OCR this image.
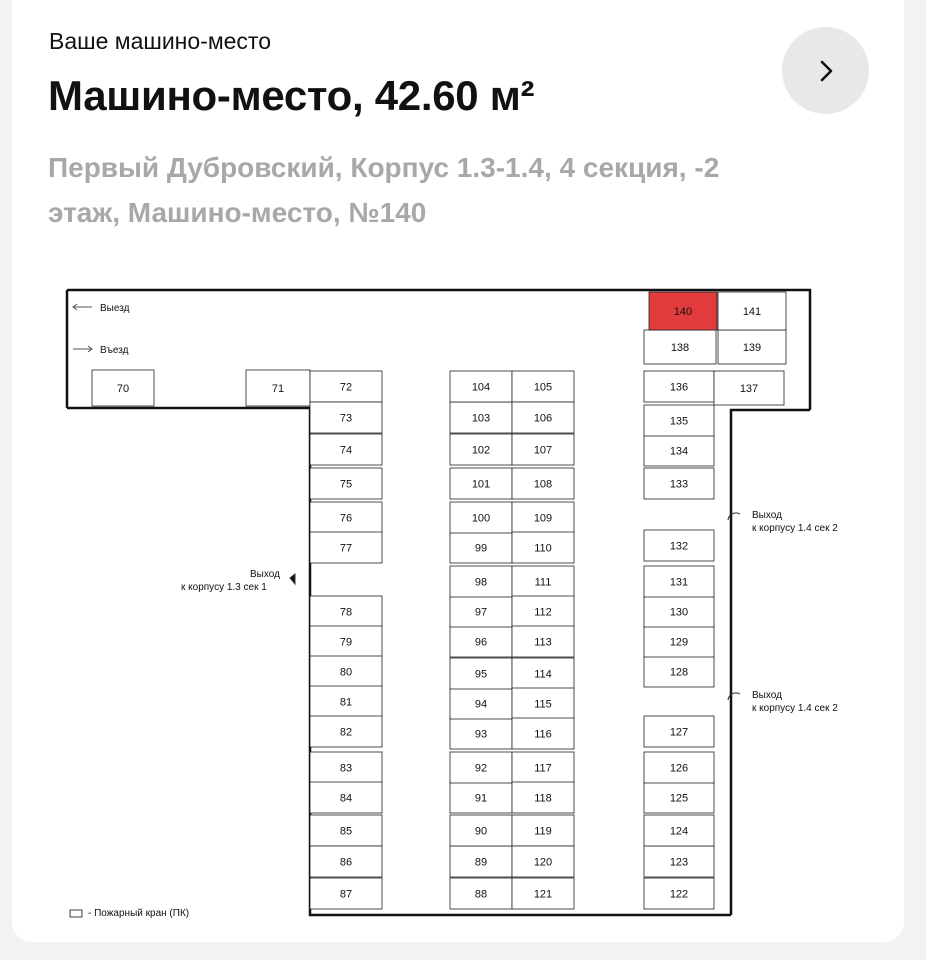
Ваше машино-место
Машино-место, 42.60 м²
Первый Дубровский, Корпус 1.3-1.4, 4 секция, -2 этаж, Машино-место, №140
Выезд
Въезд
Выход
к корпусу 1.3 сек 1
Выход
к корпусу 1.4 сек 2
Выход
к корпусу 1.4 сек 2
- Пожарный кран (ПК)
70	71	72
73
74
75
76
77
78
79
80
81
82
83
84
85
86
87	88
89
90
91
92
93
94
95
96
97
98
99
100
101
102
103
104	105
106
107
108
109
110
111
112
113
114
115
116
117
118
119
120
121	122
123
124
125
126
127
128
129
130
131
132
133
134
135
136	137
138	139
140	141
